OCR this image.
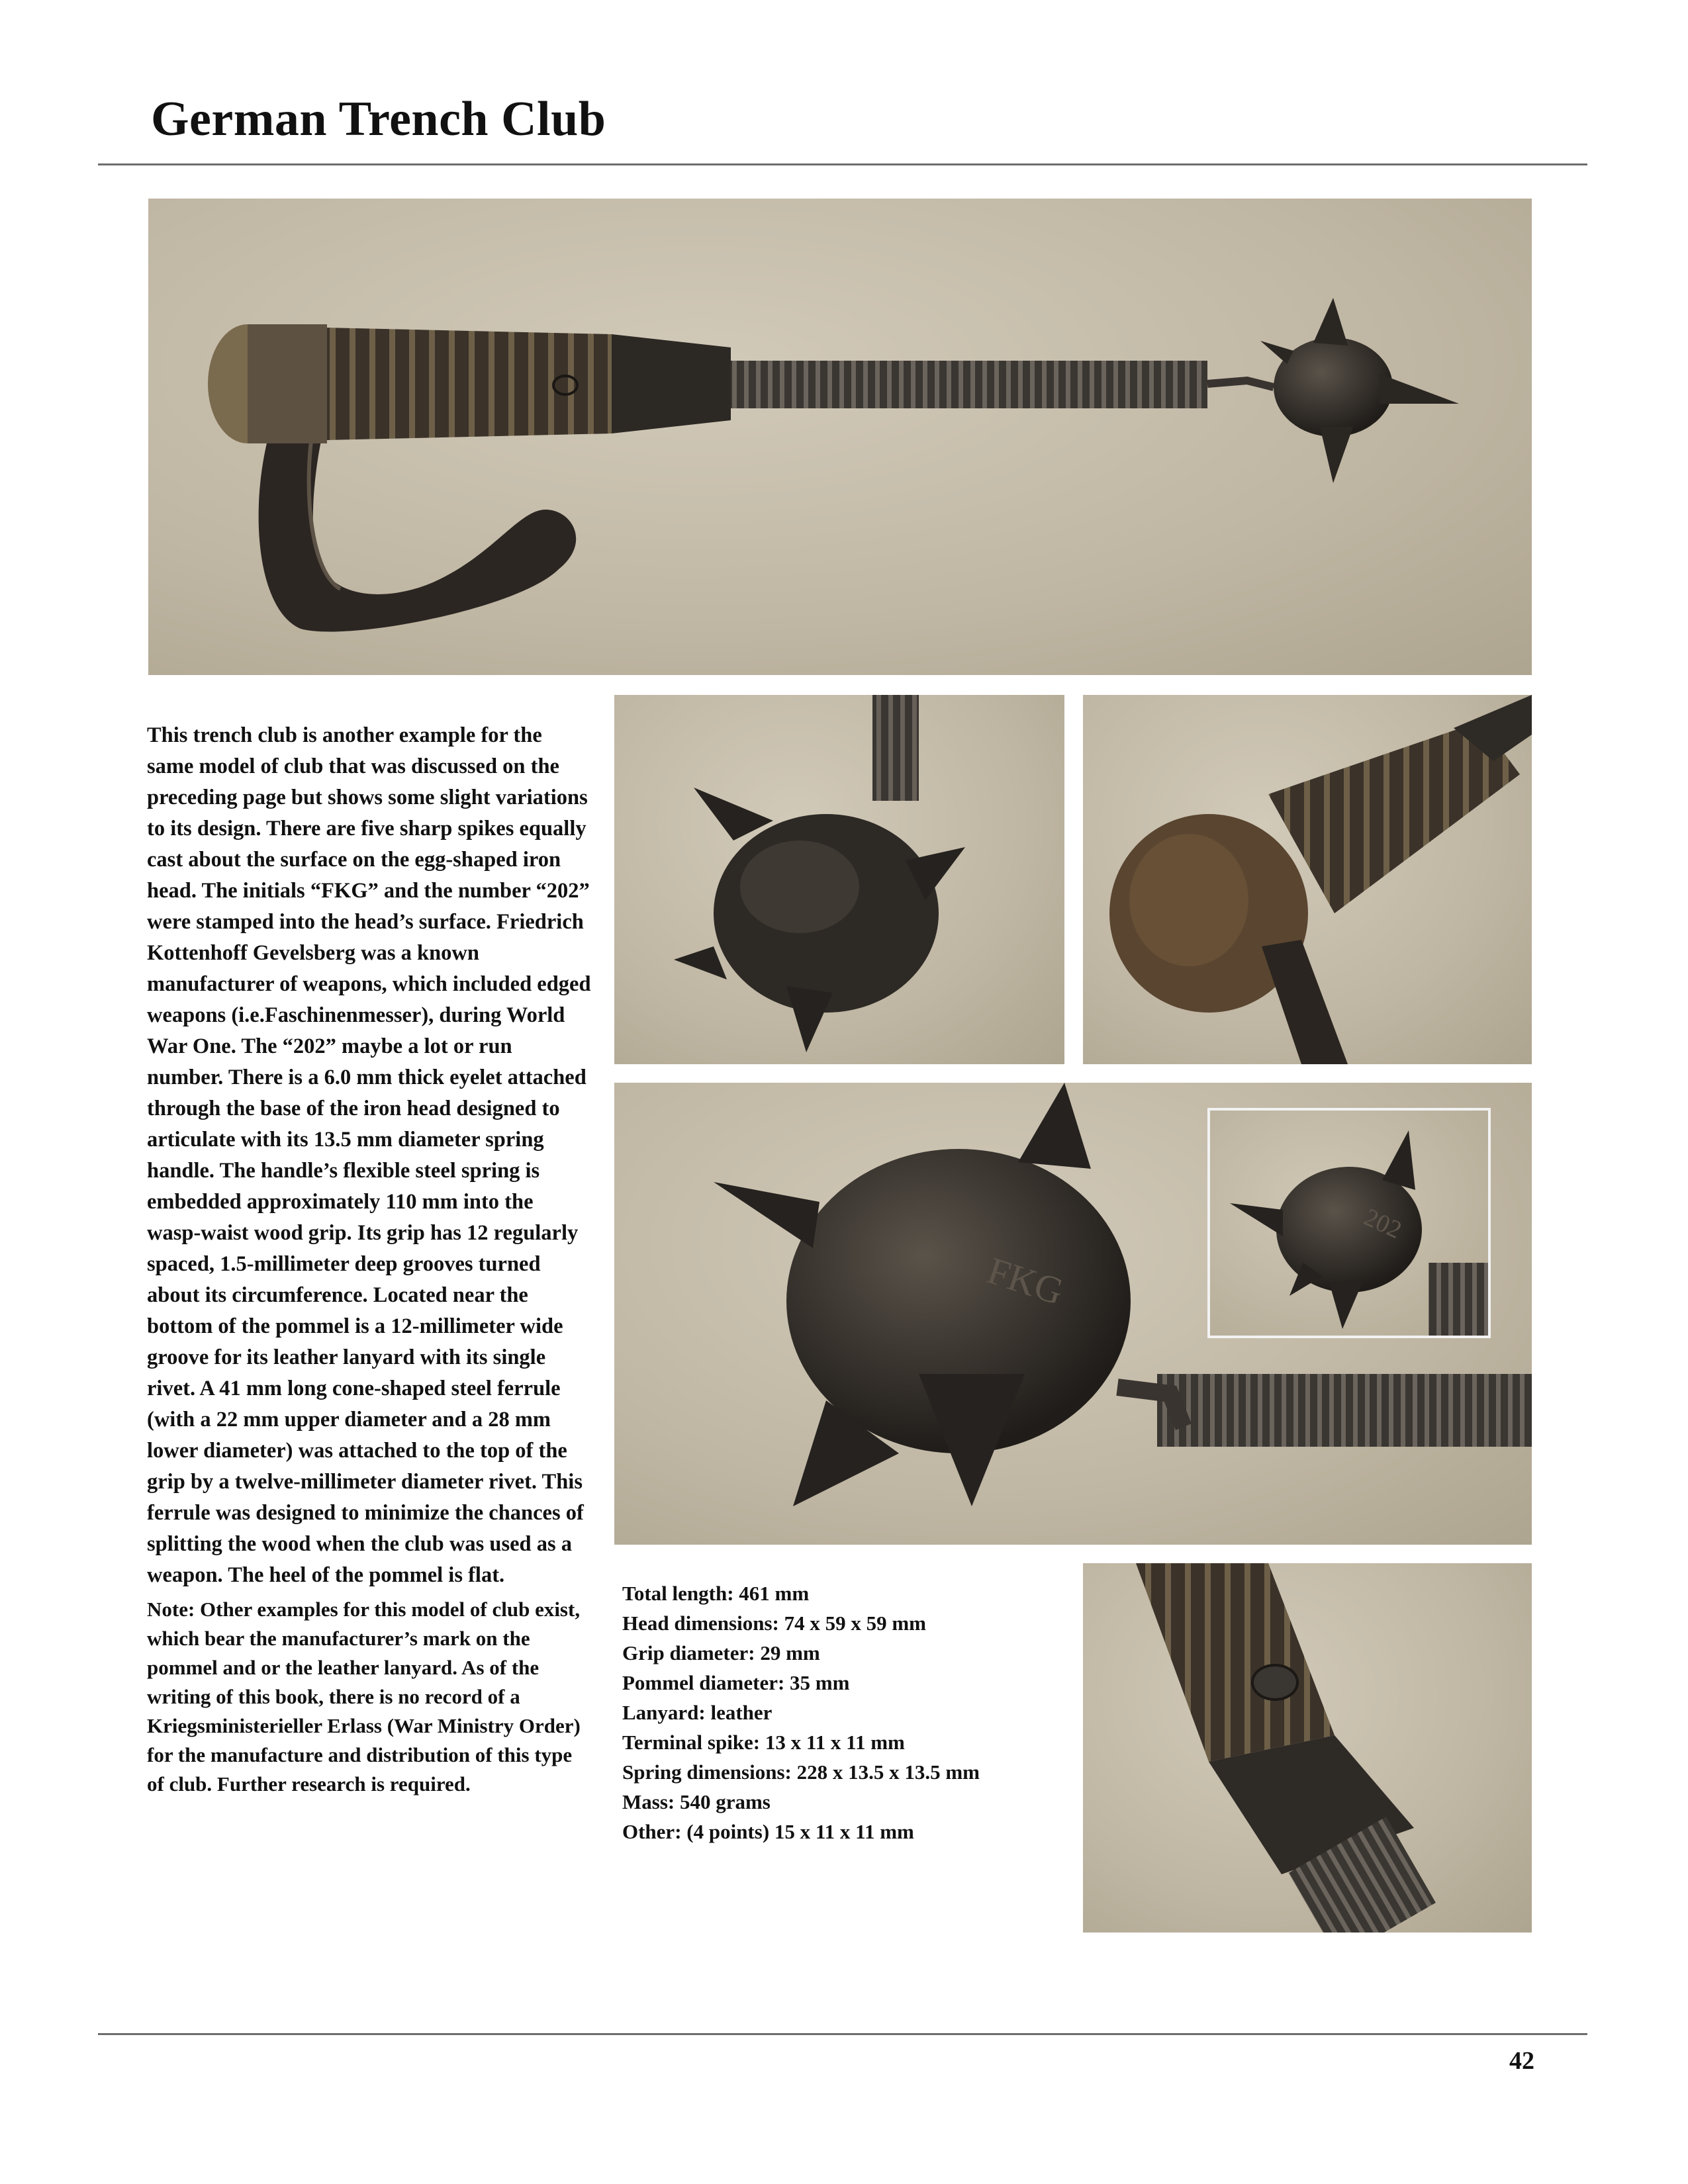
German Trench Club
FKG
202

This trench club is another example for the same model of club that was discussed on the preceding page but shows some slight variations to its design. There are five sharp spikes equally cast about the surface on the egg-shaped iron head. The initials “FKG” and the number “202” were stamped into the head’s surface. Friedrich Kottenhoff Gevelsberg was a known manufacturer of weapons, which included edged weapons (i.e.Faschinenmesser), during World War One. The “202” maybe a lot or run number. There is a 6.0 mm thick eyelet attached through the base of the iron head designed to articulate with its 13.5 mm diameter spring handle. The handle’s flexible steel spring is embedded approximately 110 mm into the wasp-waist wood grip. Its grip has 12 regularly spaced, 1.5-millimeter deep grooves turned about its circumference. Located near the bottom of the pommel is a 12-millimeter wide groove for its leather lanyard with its single rivet. A 41 mm long cone-shaped steel ferrule (with a 22 mm upper diameter and a 28 mm lower diameter) was attached to the top of the grip by a twelve-millimeter diameter rivet. This ferrule was designed to minimize the chances of splitting the wood when the club was used as a weapon. The heel of the pommel is flat.

Note: Other examples for this model of club exist, which bear the manufacturer’s mark on the pommel and or the leather lanyard. As of the writing of this book, there is no record of a Kriegsministerieller Erlass (War Ministry Order) for the manufacture and distribution of this type of club. Further research is required.

Total length: 461 mm
Head dimensions: 74 x 59 x 59 mm
Grip diameter: 29 mm
Pommel diameter: 35 mm
Lanyard: leather
Terminal spike: 13 x 11 x 11 mm
Spring dimensions: 228 x 13.5 x 13.5 mm
Mass: 540 grams
Other: (4 points) 15 x 11 x 11 mm
42
